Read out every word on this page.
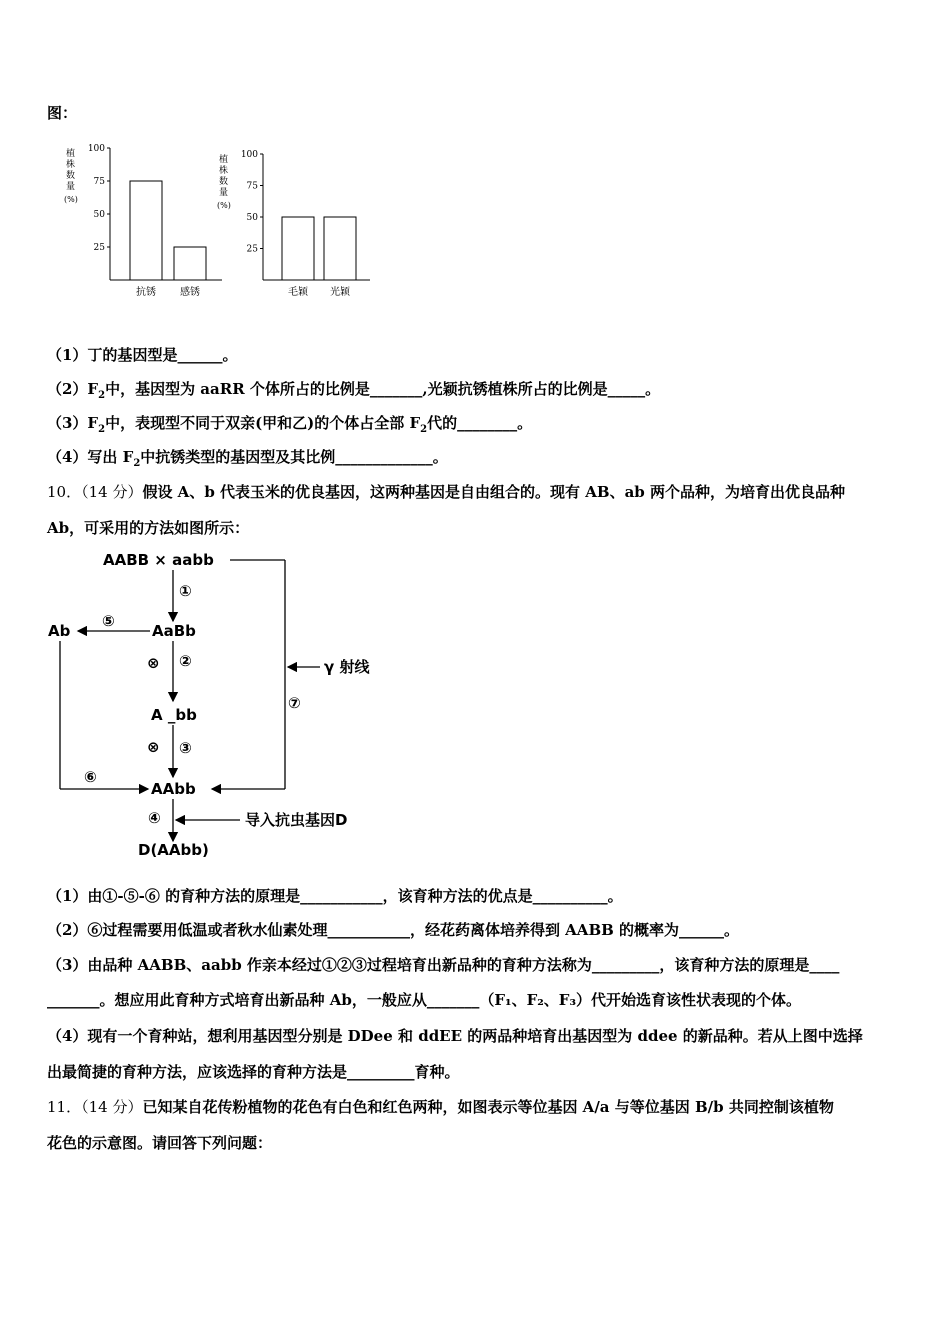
图：
植
株
数
量
(%)
100
75
50
25
抗锈 感锈
植
株
数
量
(%)
100
75
50
25
毛颖 光颖
（1）丁的基因型是______。
$(2)F_2$中，基因型为 aaRR 个体所占的比例是_______,光颖抗锈植株所占的比例是_____。
$(3)F_2$中，表现型不同于双亲(甲和乙)的个体占全部 $F_2$代的________。
（4）写出 $F_2$中抗锈类型的基因型及其比例_____________。
10．（14 分）假设 A、b 代表玉米的优良基因，这两种基因是自由组合的。现有 AB、ab 两个品种，为培育出优良品种
Ab，可采用的方法如图所示：
AABB × aabb
γ 射线
⑦
①
AaBb
⑤
Ab
⑥
⊗ ②
A _bb
⊗ ③
AAbb
④	导入抗虫基因D
D(AAbb)
（1）由①-⑤-⑥ 的育种方法的原理是___________，该育种方法的优点是__________。
（2）⑥过程需要用低温或者秋水仙素处理___________，经花药离体培养得到 AABB 的概率为______。
（3）由品种 AABB、aabb 作亲本经过①②③过程培育出新品种的育种方法称为_________，该育种方法的原理是____
_______。想应用此育种方式培育出新品种 Ab，一般应从_______（F₁、F₂、F₃）代开始选育该性状表现的个体。
（4）现有一个育种站，想利用基因型分别是 DDee 和 ddEE 的两品种培育出基因型为 ddee 的新品种。若从上图中选择
出最简捷的育种方法，应该选择的育种方法是_________育种。
11．（14 分）已知某自花传粉植物的花色有白色和红色两种，如图表示等位基因 A/a 与等位基因 B/b 共同控制该植物
花色的示意图。请回答下列问题：
